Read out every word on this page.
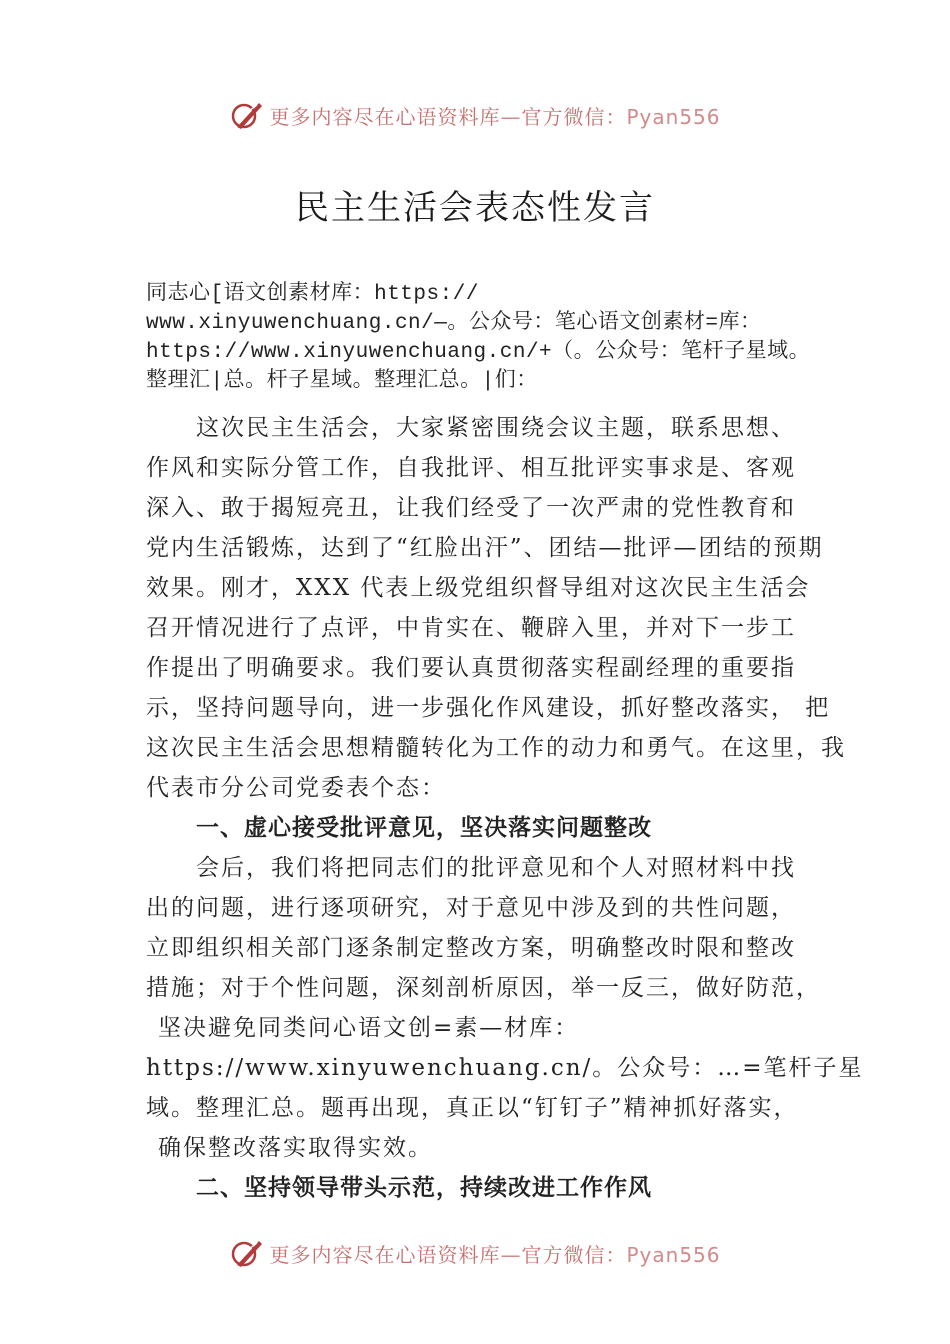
更多内容尽在心语资料库—官方微信：Pyan556
民主生活会表态性发言
同志心[语文创素材库：https://
www.xinyuwenchuang.cn/—。公众号：笔心语文创素材=库：
https://www.xinyuwenchuang.cn/+（。公众号：笔杆子星域。
整理汇|总。杆子星域。整理汇总。|们：
这次民主生活会，大家紧密围绕会议主题，联系思想、
作风和实际分管工作，自我批评、相互批评实事求是、客观
深入、敢于揭短亮丑，让我们经受了一次严肃的党性教育和
党内生活锻炼，达到了“红脸出汗”、团结—批评—团结的预期
效果。刚才，XXX 代表上级党组织督导组对这次民主生活会
召开情况进行了点评，中肯实在、鞭辟入里，并对下一步工
作提出了明确要求。我们要认真贯彻落实程副经理的重要指
示，坚持问题导向，进一步强化作风建设，抓好整改落实， 把
这次民主生活会思想精髓转化为工作的动力和勇气。在这里，我
代表市分公司党委表个态：
一、虚心接受批评意见，坚决落实问题整改
会后，我们将把同志们的批评意见和个人对照材料中找
出的问题，进行逐项研究，对于意见中涉及到的共性问题，
立即组织相关部门逐条制定整改方案，明确整改时限和整改
措施；对于个性问题，深刻剖析原因，举一反三，做好防范，
坚决避免同类问心语文创=素—材库：
https://www.xinyuwenchuang.cn/。公众号：…=笔杆子星
域。整理汇总。题再出现，真正以“钉钉子”精神抓好落实，
确保整改落实取得实效。
二、坚持领导带头示范，持续改进工作作风
更多内容尽在心语资料库—官方微信：Pyan556
